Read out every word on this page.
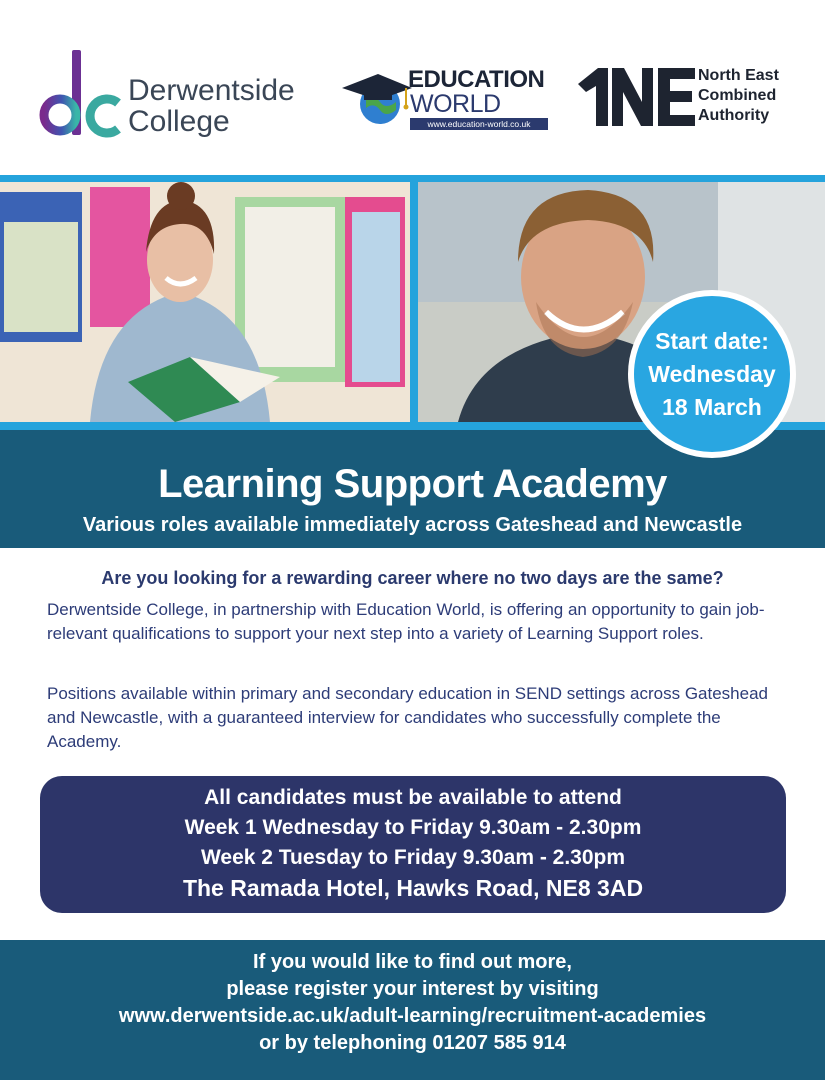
Derwentside
College
EDUCATION
WORLD
www.education-world.co.uk
North East
Combined
Authority
Start date:
Wednesday
18 March
Learning Support Academy
Various roles available immediately across Gateshead and Newcastle
Are you looking for a rewarding career where no two days are the same?
Derwentside College, in partnership with Education World, is offering an opportunity to gain job-relevant qualifications to support your next step into a variety of Learning Support roles.
Positions available within primary and secondary education in SEND settings across Gateshead and Newcastle, with a guaranteed interview for candidates who successfully complete the Academy.
All candidates must be available to attend
Week 1 Wednesday to Friday 9.30am - 2.30pm
Week 2 Tuesday to Friday 9.30am - 2.30pm
The Ramada Hotel, Hawks Road, NE8 3AD
If you would like to find out more,
please register your interest by visiting
www.derwentside.ac.uk/adult-learning/recruitment-academies
or by telephoning 01207 585 914
